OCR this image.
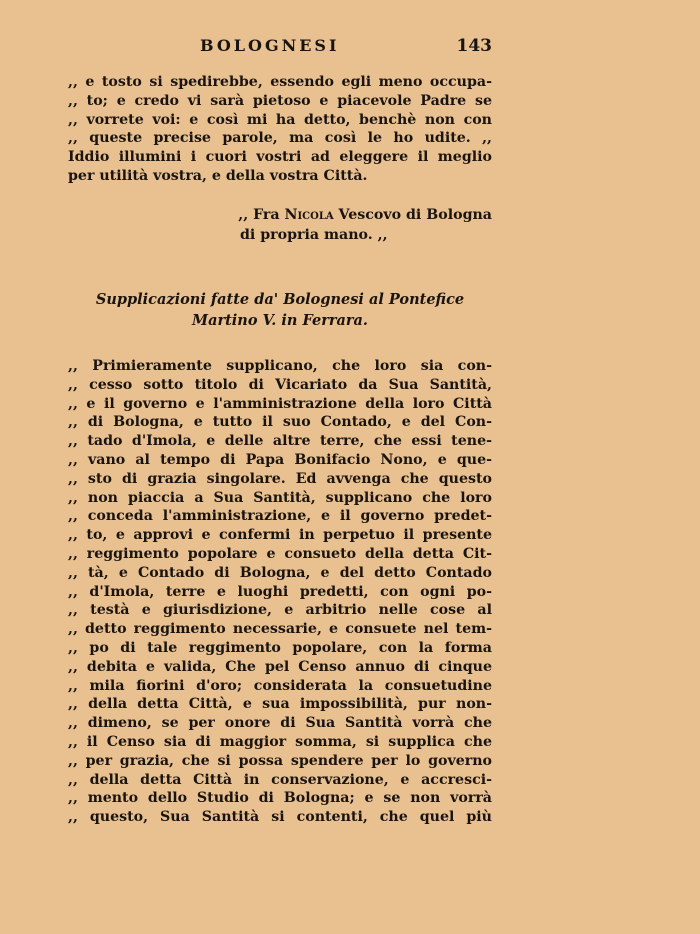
BOLOGNESI	143
,, e tosto si spedirebbe, essendo egli meno occupa-
,, to; e credo vi sarà pietoso e piacevole Padre se
,, vorrete voi: e così mi ha detto, benchè non con
,, queste precise parole, ma così le ho udite. ,,
Iddio illumini i cuori vostri ad eleggere il meglio
per utilità vostra, e della vostra Città.
,, Fra Nicola Vescovo di Bologna
di propria mano. ,,
Supplicazioni fatte da' Bolognesi al Pontefice
Martino V. in Ferrara.
,, Primieramente supplicano, che loro sia con-
,, cesso sotto titolo di Vicariato da Sua Santità,
,, e il governo e l'amministrazione della loro Città
,, di Bologna, e tutto il suo Contado, e del Con-
,, tado d'Imola, e delle altre terre, che essi tene-
,, vano al tempo di Papa Bonifacio Nono, e que-
,, sto di grazia singolare. Ed avvenga che questo
,, non piaccia a Sua Santità, supplicano che loro
,, conceda l'amministrazione, e il governo predet-
,, to, e approvi e confermi in perpetuo il presente
,, reggimento popolare e consueto della detta Cit-
,, tà, e Contado di Bologna, e del detto Contado
,, d'Imola, terre e luoghi predetti, con ogni po-
,, testà e giurisdizione, e arbitrio nelle cose al
,, detto reggimento necessarie, e consuete nel tem-
,, po di tale reggimento popolare, con la forma
,, debita e valida, Che pel Censo annuo di cinque
,, mila fiorini d'oro; considerata la consuetudine
,, della detta Città, e sua impossibilità, pur non-
,, dimeno, se per onore di Sua Santità vorrà che
,, il Censo sia di maggior somma, si supplica che
,, per grazia, che si possa spendere per lo governo
,, della detta Città in conservazione, e accresci-
,, mento dello Studio di Bologna; e se non vorrà
,, questo, Sua Santità si contenti, che quel più
